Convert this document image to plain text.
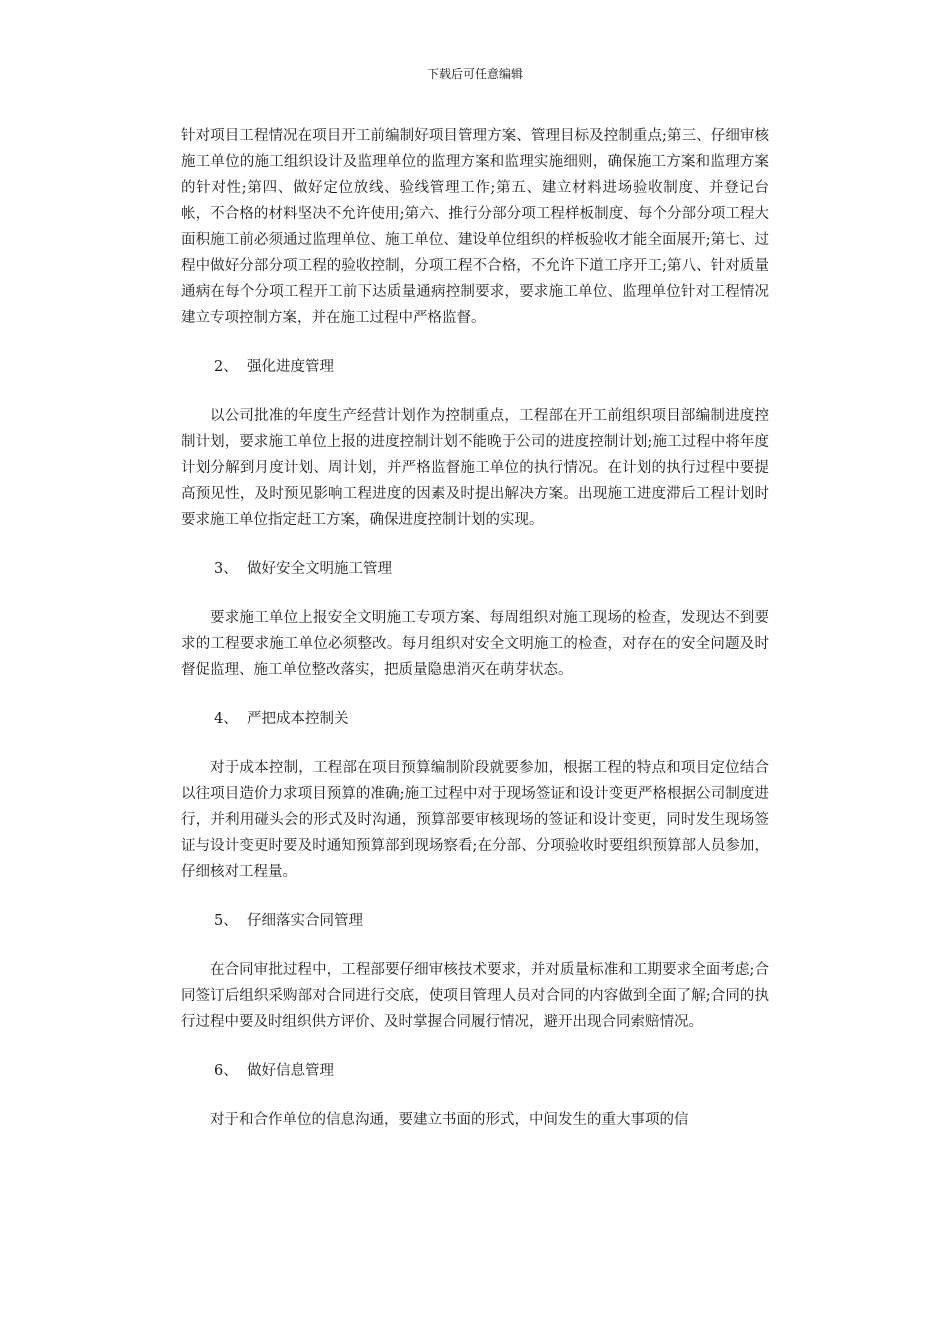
下载后可任意编辑

针对项目工程情况在项目开工前编制好项目管理方案、管理目标及控制重点;第三、仔细审核施工单位的施工组织设计及监理单位的监理方案和监理实施细则，确保施工方案和监理方案的针对性;第四、做好定位放线、验线管理工作;第五、建立材料进场验收制度、并登记台帐，不合格的材料坚决不允许使用;第六、推行分部分项工程样板制度、每个分部分项工程大面积施工前必须通过监理单位、施工单位、建设单位组织的样板验收才能全面展开;第七、过程中做好分部分项工程的验收控制，分项工程不合格，不允许下道工序开工;第八、针对质量通病在每个分项工程开工前下达质量通病控制要求，要求施工单位、监理单位针对工程情况建立专项控制方案，并在施工过程中严格监督。

2、 强化进度管理

以公司批准的年度生产经营计划作为控制重点，工程部在开工前组织项目部编制进度控制计划，要求施工单位上报的进度控制计划不能晚于公司的进度控制计划;施工过程中将年度计划分解到月度计划、周计划，并严格监督施工单位的执行情况。在计划的执行过程中要提高预见性，及时预见影响工程进度的因素及时提出解决方案。出现施工进度滞后工程计划时要求施工单位指定赶工方案，确保进度控制计划的实现。

3、 做好安全文明施工管理

要求施工单位上报安全文明施工专项方案、每周组织对施工现场的检查，发现达不到要求的工程要求施工单位必须整改。每月组织对安全文明施工的检查，对存在的安全问题及时督促监理、施工单位整改落实，把质量隐患消灭在萌芽状态。

4、 严把成本控制关

对于成本控制，工程部在项目预算编制阶段就要参加，根据工程的特点和项目定位结合以往项目造价力求项目预算的准确;施工过程中对于现场签证和设计变更严格根据公司制度进行，并利用碰头会的形式及时沟通，预算部要审核现场的签证和设计变更，同时发生现场签证与设计变更时要及时通知预算部到现场察看;在分部、分项验收时要组织预算部人员参加，仔细核对工程量。

5、 仔细落实合同管理

在合同审批过程中，工程部要仔细审核技术要求，并对质量标准和工期要求全面考虑;合同签订后组织采购部对合同进行交底，使项目管理人员对合同的内容做到全面了解;合同的执行过程中要及时组织供方评价、及时掌握合同履行情况，避开出现合同索赔情况。

6、 做好信息管理

对于和合作单位的信息沟通，要建立书面的形式，中间发生的重大事项的信
